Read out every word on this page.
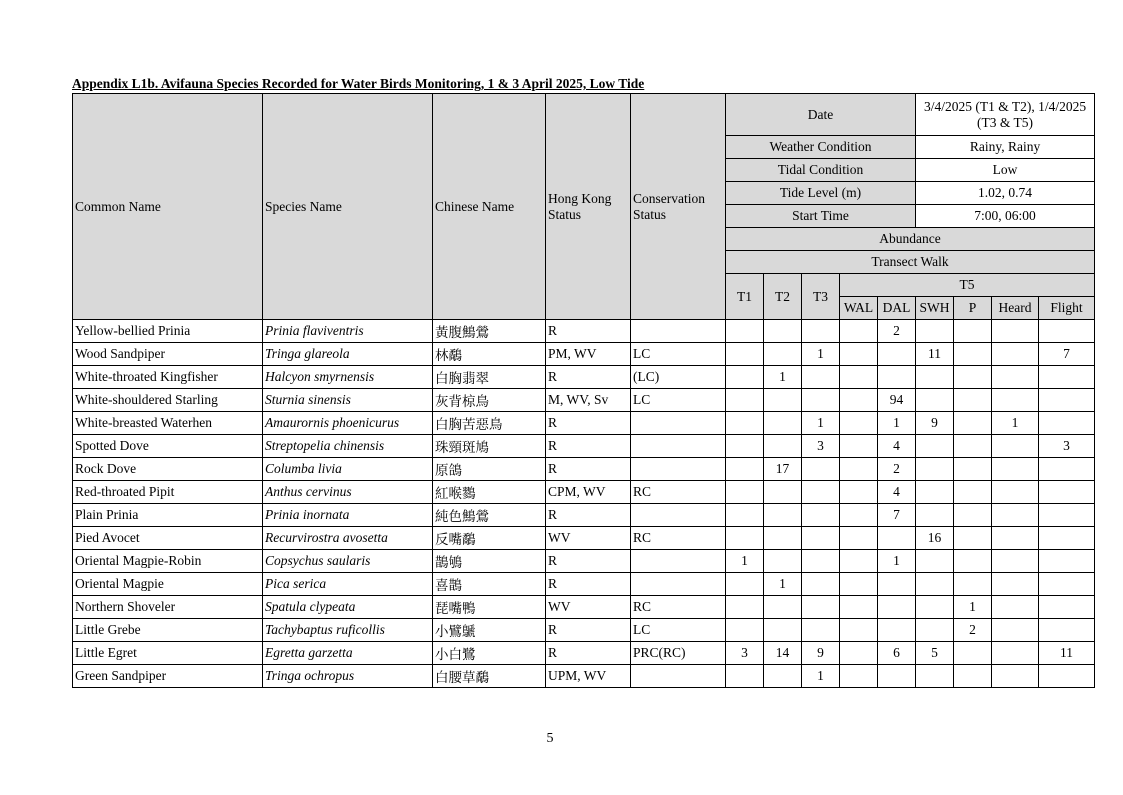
Appendix L1b. Avifauna Species Recorded for Water Birds Monitoring, 1 & 3 April 2025, Low Tide
Common Name	Species Name	Chinese Name	Hong Kong Status	Conservation Status	Date					3/4/2025 (T1 & T2), 1/4/2025 (T3 & T5)			
					Weather Condition					Rainy, Rainy			
					Tidal Condition					Low			
					Tide Level (m)					1.02, 0.74			
					Start Time					7:00, 06:00			
					Abundance								
					Transect Walk								
					T1	T2	T3	T5					
								WAL	DAL	SWH	P	Heard	Flight

Yellow-bellied Prinia	Prinia flaviventris	黃腹鷦鶯	R						2				
Wood Sandpiper	Tringa glareola	林鷸	PM, WV	LC			1			11			7
White-throated Kingfisher	Halcyon smyrnensis	白胸翡翠	R	(LC)		1							
White-shouldered Starling	Sturnia sinensis	灰背椋鳥	M, WV, Sv	LC					94				
White-breasted Waterhen	Amaurornis phoenicurus	白胸苦惡鳥	R				1		1	9		1	
Spotted Dove	Streptopelia chinensis	珠頸斑鳩	R				3		4				3
Rock Dove	Columba livia	原鴿	R			17			2				
Red-throated Pipit	Anthus cervinus	紅喉鷚	CPM, WV	RC					4				
Plain Prinia	Prinia inornata	純色鷦鶯	R						7				
Pied Avocet	Recurvirostra avosetta	反嘴鷸	WV	RC						16			
Oriental Magpie-Robin	Copsychus saularis	鵲鴝	R		1				1				
Oriental Magpie	Pica serica	喜鵲	R			1							
Northern Shoveler	Spatula clypeata	琵嘴鴨	WV	RC							1		
Little Grebe	Tachybaptus ruficollis	小鷿鷈	R	LC							2		
Little Egret	Egretta garzetta	小白鷺	R	PRC(RC)	3	14	9		6	5			11
Green Sandpiper	Tringa ochropus	白腰草鷸	UPM, WV				1						
5
